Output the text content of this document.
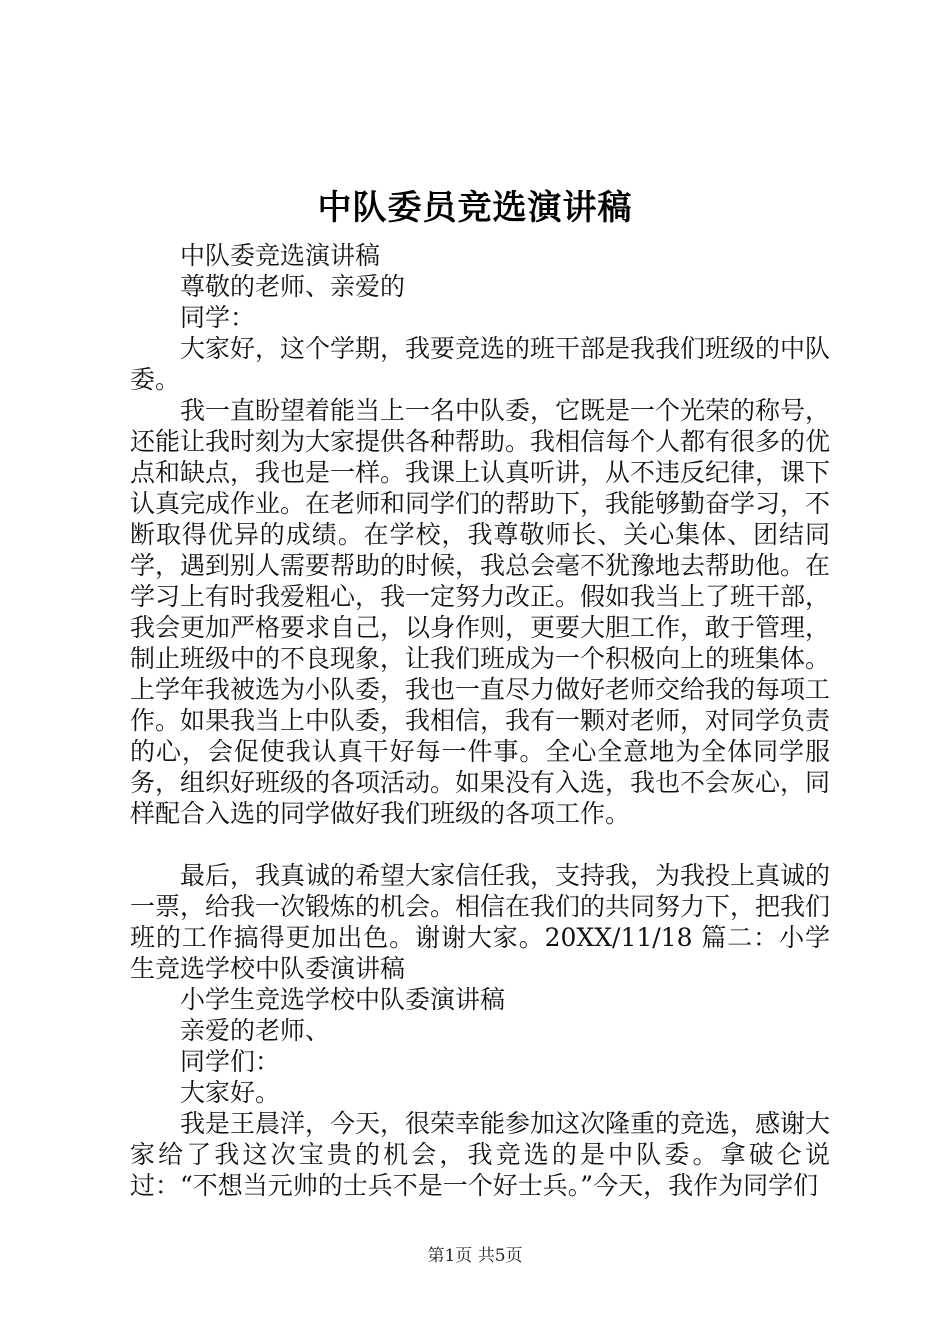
中队委员竞选演讲稿

中队委竞选演讲稿

尊敬的老师、亲爱的

同学：

大家好，这个学期，我要竞选的班干部是我我们班级的中队委。

我一直盼望着能当上一名中队委，它既是一个光荣的称号，还能让我时刻为大家提供各种帮助。我相信每个人都有很多的优点和缺点，我也是一样。我课上认真听讲，从不违反纪律，课下认真完成作业。在老师和同学们的帮助下，我能够勤奋学习，不断取得优异的成绩。在学校，我尊敬师长、关心集体、团结同学，遇到别人需要帮助的时候，我总会毫不犹豫地去帮助他。在学习上有时我爱粗心，我一定努力改正。假如我当上了班干部，我会更加严格要求自己，以身作则，更要大胆工作，敢于管理，制止班级中的不良现象，让我们班成为一个积极向上的班集体。上学年我被选为小队委，我也一直尽力做好老师交给我的每项工作。如果我当上中队委，我相信，我有一颗对老师，对同学负责的心，会促使我认真干好每一件事。全心全意地为全体同学服务，组织好班级的各项活动。如果没有入选，我也不会灰心，同样配合入选的同学做好我们班级的各项工作。

最后，我真诚的希望大家信任我，支持我，为我投上真诚的一票，给我一次锻炼的机会。相信在我们的共同努力下，把我们班的工作搞得更加出色。谢谢大家。20XX/11/18 篇二：小学生竞选学校中队委演讲稿

小学生竞选学校中队委演讲稿

亲爱的老师、

同学们：

大家好。

我是王晨洋，今天，很荣幸能参加这次隆重的竞选，感谢大家给了我这次宝贵的机会，我竞选的是中队委。拿破仑说过：“不想当元帅的士兵不是一个好士兵。”今天，我作为同学们

第1页 共5页
